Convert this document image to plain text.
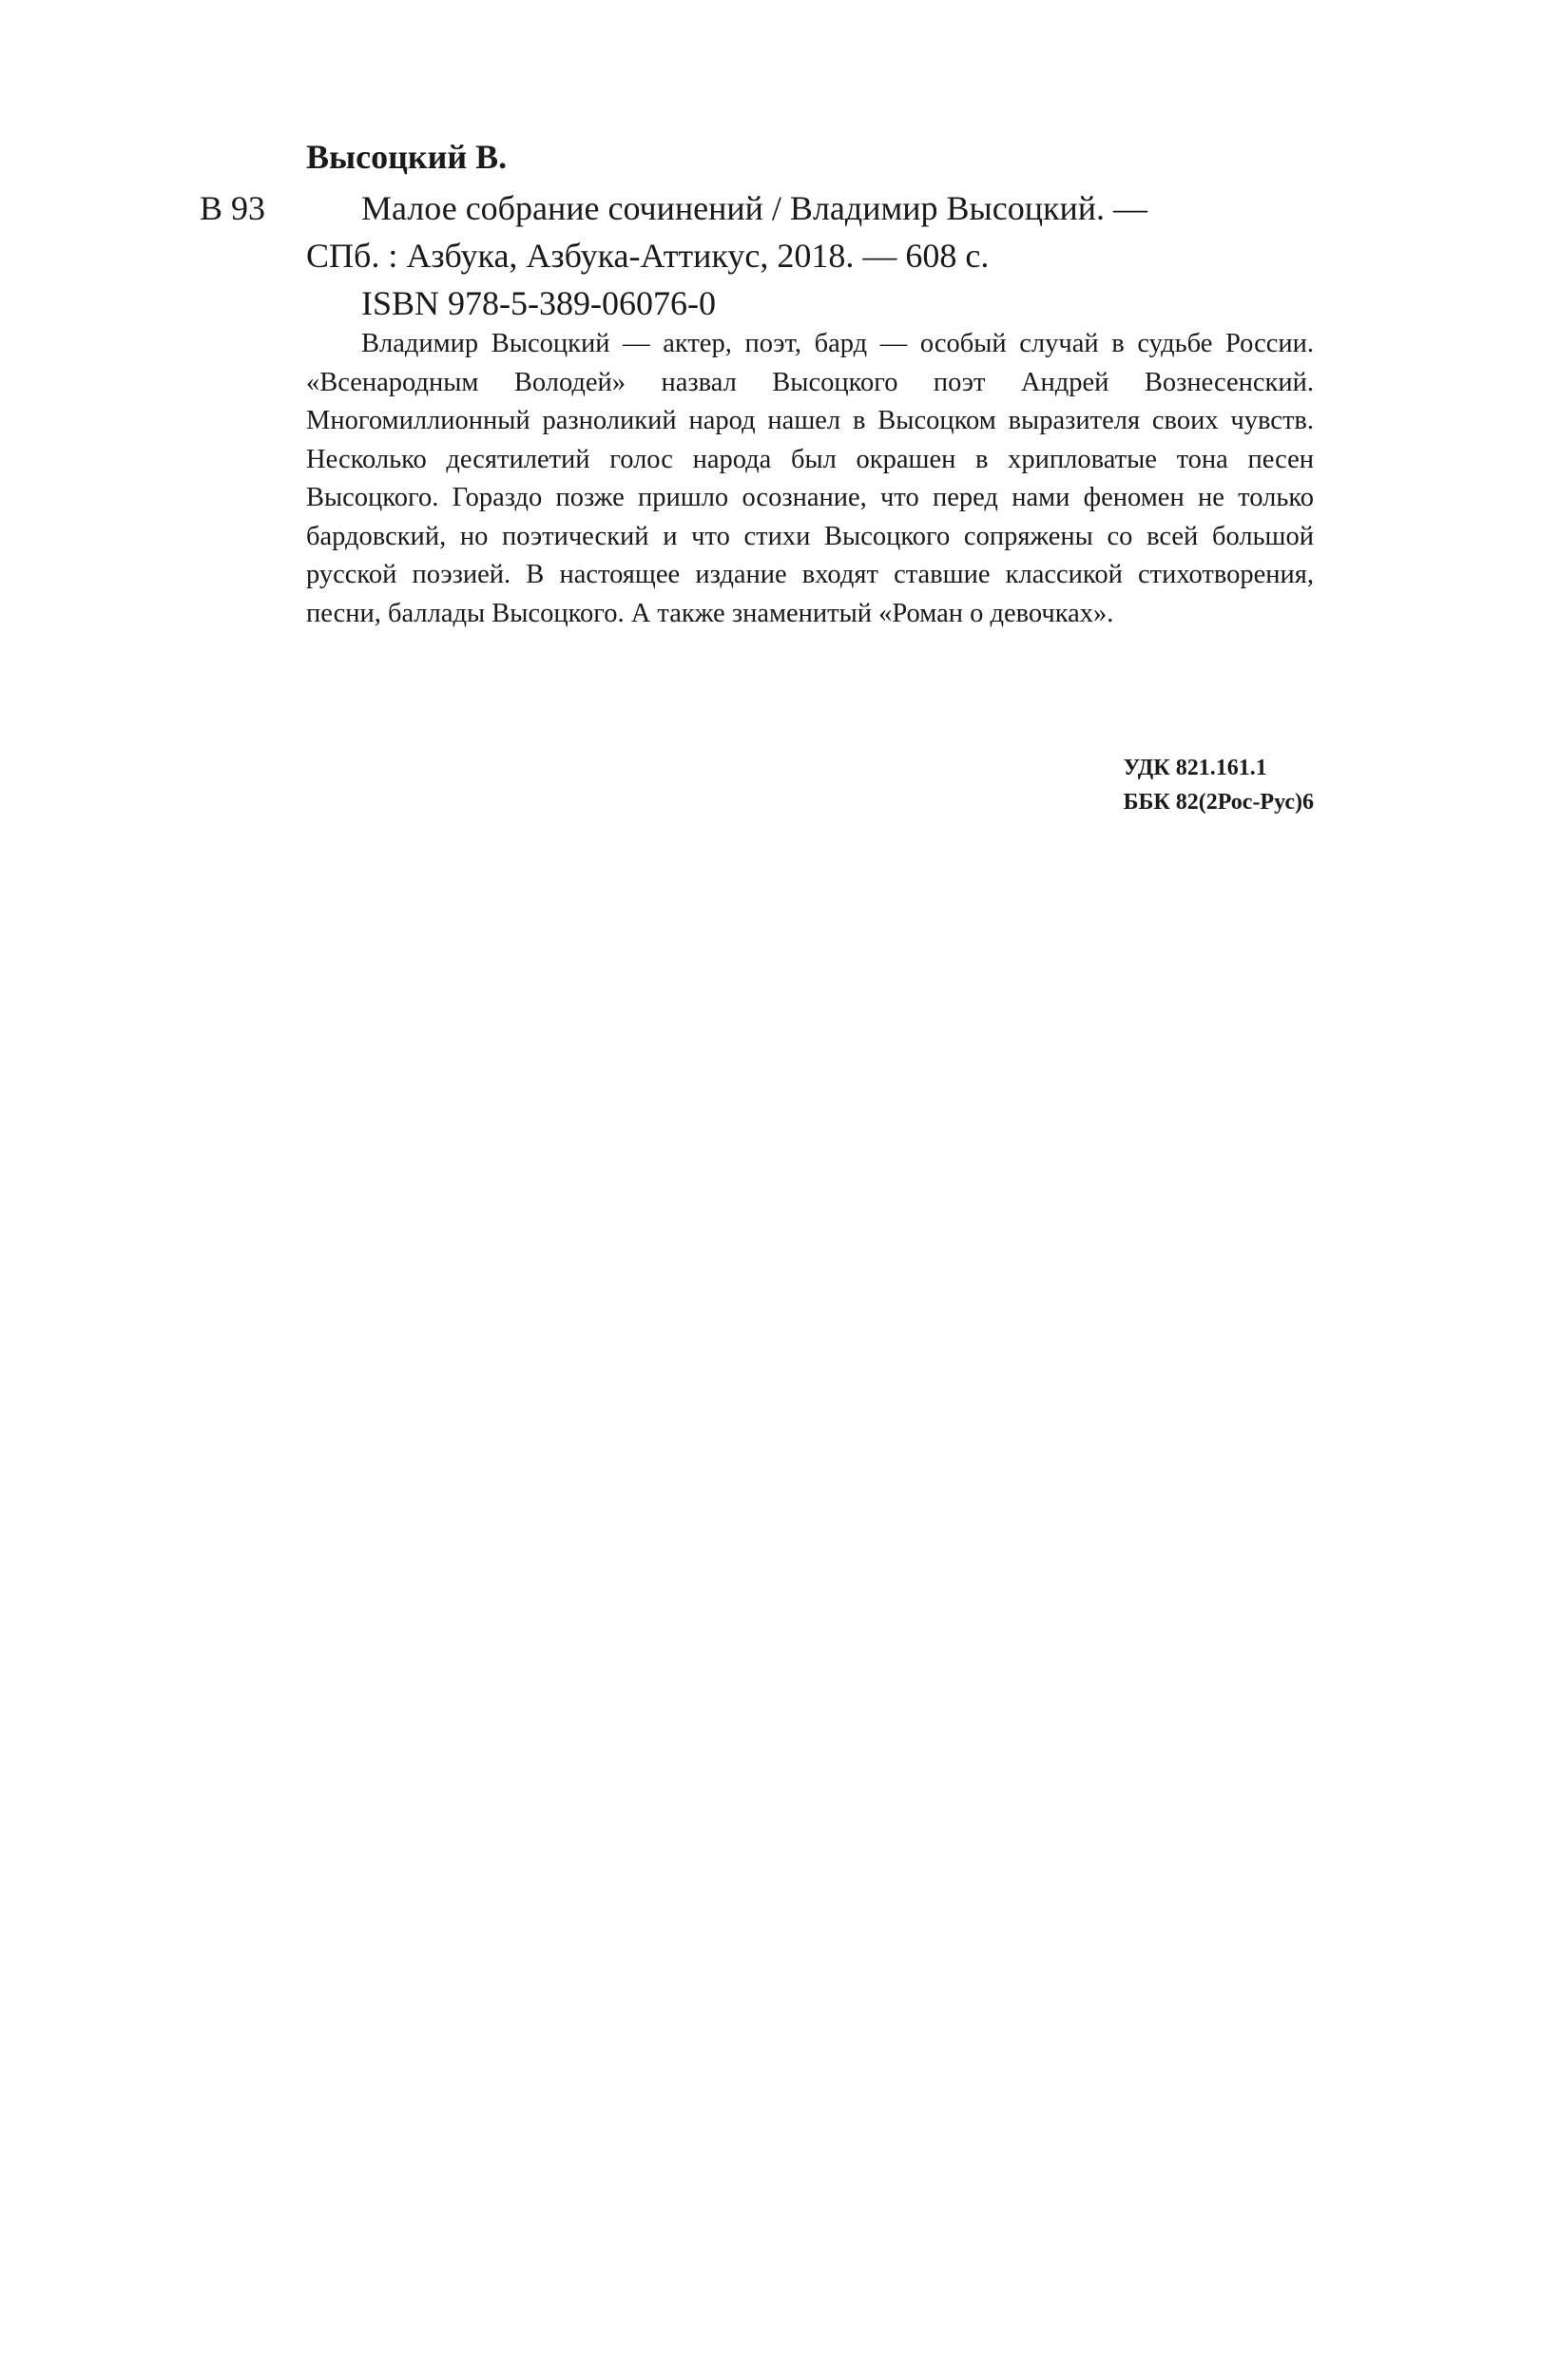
Высоцкий В.
В 93	Малое собрание сочинений / Владимир Высоцкий. —
СПб. : Азбука, Азбука-Аттикус, 2018. — 608 с.
ISBN 978-5-389-06076-0

Владимир Высоцкий — актер, поэт, бард — особый случай в судьбе России. «Всенародным Володей» назвал Высоцкого поэт Андрей Вознесенский. Многомиллионный разноликий народ нашел в Высоцком выразителя своих чувств. Несколько десятилетий голос народа был окрашен в хрипловатые тона песен Высоцкого. Гораздо позже пришло осознание, что перед нами феномен не только бардовский, но поэтический и что стихи Высоцкого сопряжены со всей большой русской поэзией. В настоящее издание входят ставшие классикой стихотворения, песни, баллады Высоцкого. А также знаменитый «Роман о девочках».

УДК 821.161.1
ББК 82(2Рос-Рус)6
